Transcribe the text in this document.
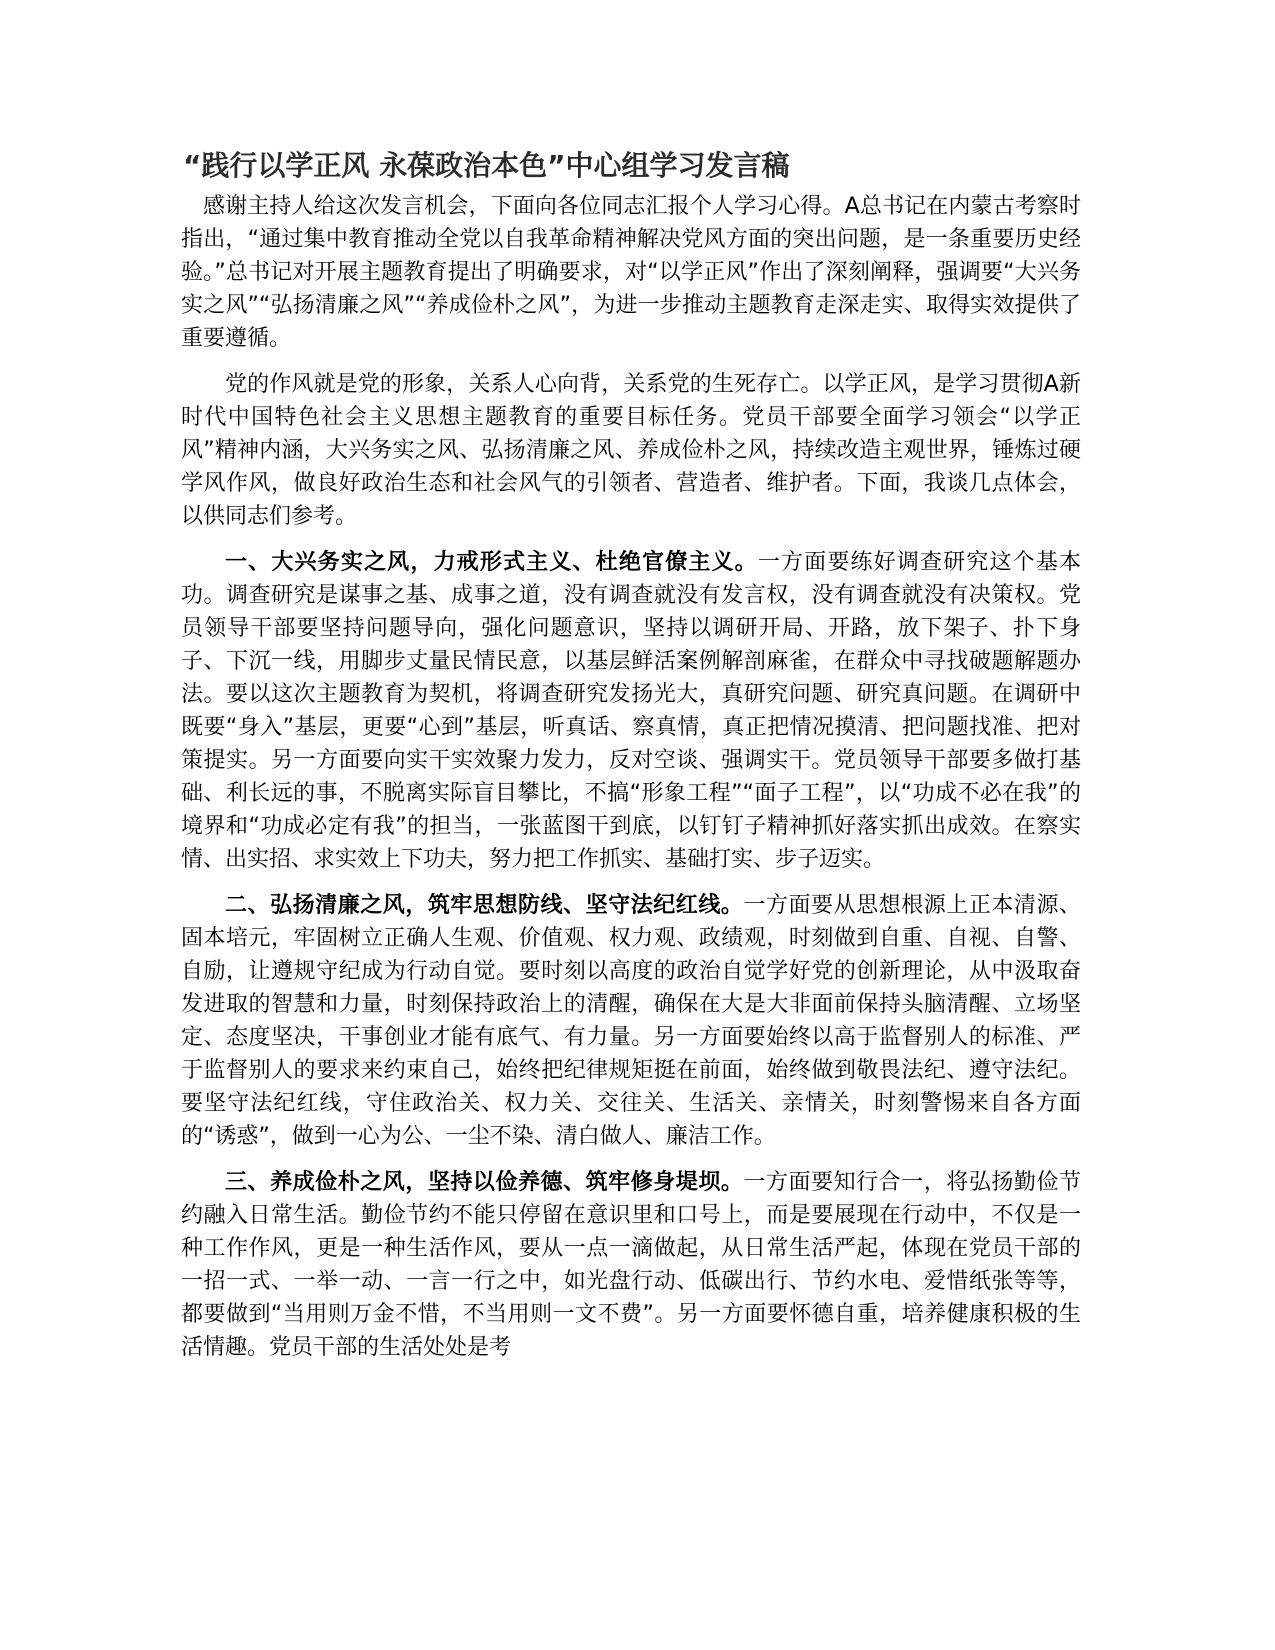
“践行以学正风 永葆政治本色”中心组学习发言稿

感谢主持人给这次发言机会，下面向各位同志汇报个人学习心得。A总书记在内蒙古考察时指出，“通过集中教育推动全党以自我革命精神解决党风方面的突出问题，是一条重要历史经验。”总书记对开展主题教育提出了明确要求，对“以学正风”作出了深刻阐释，强调要“大兴务实之风”“弘扬清廉之风”“养成俭朴之风”，为进一步推动主题教育走深走实、取得实效提供了重要遵循。

党的作风就是党的形象，关系人心向背，关系党的生死存亡。以学正风，是学习贯彻A新时代中国特色社会主义思想主题教育的重要目标任务。党员干部要全面学习领会“以学正风”精神内涵，大兴务实之风、弘扬清廉之风、养成俭朴之风，持续改造主观世界，锤炼过硬学风作风，做良好政治生态和社会风气的引领者、营造者、维护者。下面，我谈几点体会，以供同志们参考。

一、大兴务实之风，力戒形式主义、杜绝官僚主义。一方面要练好调查研究这个基本功。调查研究是谋事之基、成事之道，没有调查就没有发言权，没有调查就没有决策权。党员领导干部要坚持问题导向，强化问题意识，坚持以调研开局、开路，放下架子、扑下身子、下沉一线，用脚步丈量民情民意，以基层鲜活案例解剖麻雀，在群众中寻找破题解题办法。要以这次主题教育为契机，将调查研究发扬光大，真研究问题、研究真问题。在调研中既要“身入”基层，更要“心到”基层，听真话、察真情，真正把情况摸清、把问题找准、把对策提实。另一方面要向实干实效聚力发力，反对空谈、强调实干。党员领导干部要多做打基础、利长远的事，不脱离实际盲目攀比，不搞“形象工程”“面子工程”，以“功成不必在我”的境界和“功成必定有我”的担当，一张蓝图干到底，以钉钉子精神抓好落实抓出成效。在察实情、出实招、求实效上下功夫，努力把工作抓实、基础打实、步子迈实。

二、弘扬清廉之风，筑牢思想防线、坚守法纪红线。一方面要从思想根源上正本清源、固本培元，牢固树立正确人生观、价值观、权力观、政绩观，时刻做到自重、自视、自警、自励，让遵规守纪成为行动自觉。要时刻以高度的政治自觉学好党的创新理论，从中汲取奋发进取的智慧和力量，时刻保持政治上的清醒，确保在大是大非面前保持头脑清醒、立场坚定、态度坚决，干事创业才能有底气、有力量。另一方面要始终以高于监督别人的标准、严于监督别人的要求来约束自己，始终把纪律规矩挺在前面，始终做到敬畏法纪、遵守法纪。要坚守法纪红线，守住政治关、权力关、交往关、生活关、亲情关，时刻警惕来自各方面的“诱惑”，做到一心为公、一尘不染、清白做人、廉洁工作。

三、养成俭朴之风，坚持以俭养德、筑牢修身堤坝。一方面要知行合一，将弘扬勤俭节约融入日常生活。勤俭节约不能只停留在意识里和口号上，而是要展现在行动中，不仅是一种工作作风，更是一种生活作风，要从一点一滴做起，从日常生活严起，体现在党员干部的一招一式、一举一动、一言一行之中，如光盘行动、低碳出行、节约水电、爱惜纸张等等，都要做到“当用则万金不惜，不当用则一文不费”。另一方面要怀德自重，培养健康积极的生活情趣。党员干部的生活处处是考
